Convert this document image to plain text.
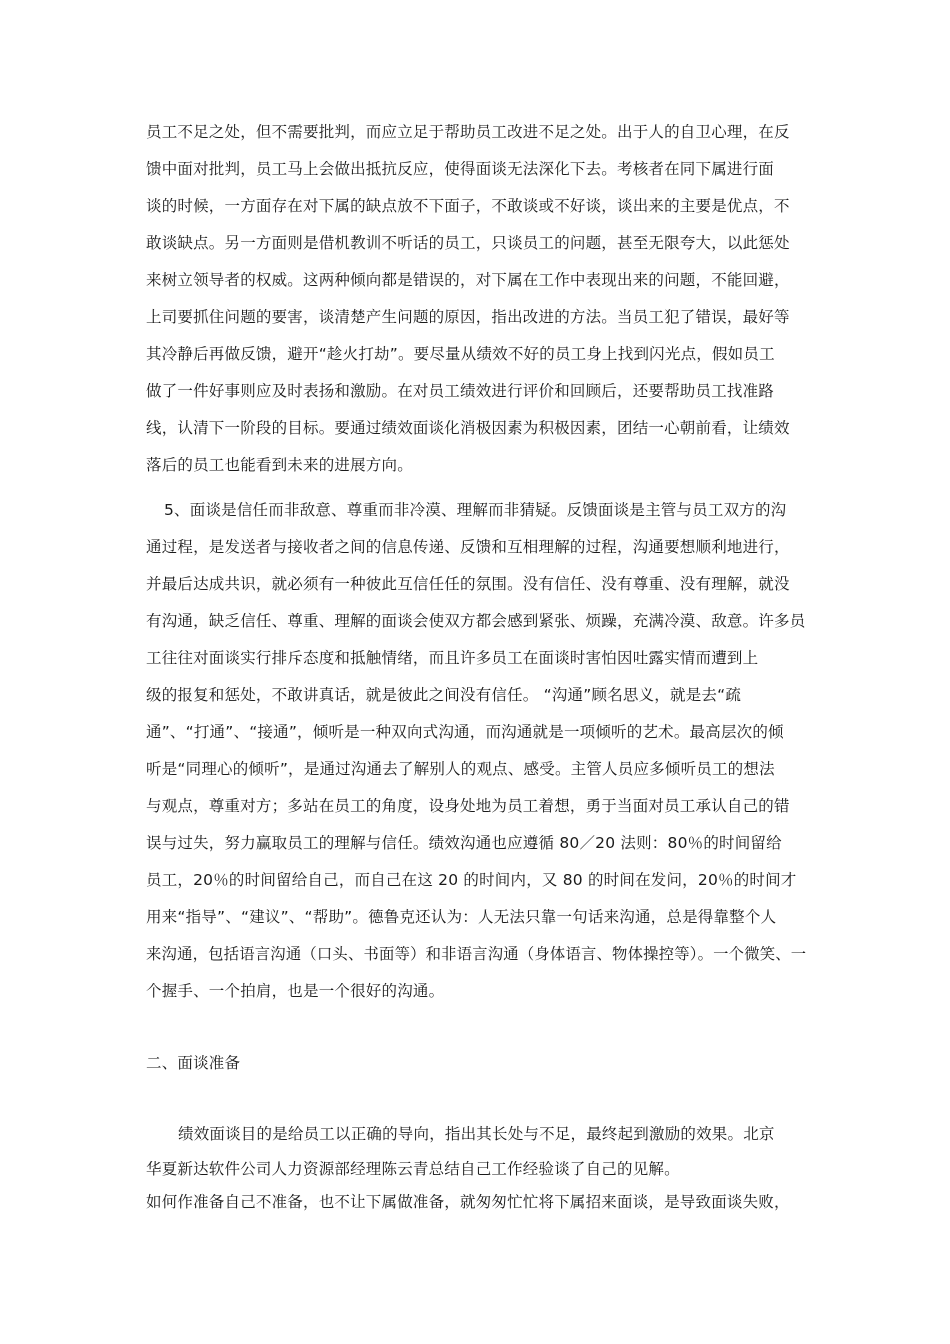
员工不足之处，但不需要批判，而应立足于帮助员工改进不足之处。出于人的自卫心理，在反
馈中面对批判，员工马上会做出抵抗反应，使得面谈无法深化下去。考核者在同下属进行面
谈的时候，一方面存在对下属的缺点放不下面子，不敢谈或不好谈，谈出来的主要是优点，不
敢谈缺点。另一方面则是借机教训不听话的员工，只谈员工的问题，甚至无限夸大，以此惩处
来树立领导者的权威。这两种倾向都是错误的，对下属在工作中表现出来的问题，不能回避，
上司要抓住问题的要害，谈清楚产生问题的原因，指出改进的方法。当员工犯了错误，最好等
其冷静后再做反馈，避开“趁火打劫”。要尽量从绩效不好的员工身上找到闪光点，假如员工
做了一件好事则应及时表扬和激励。在对员工绩效进行评价和回顾后，还要帮助员工找准路
线，认清下一阶段的目标。要通过绩效面谈化消极因素为积极因素，团结一心朝前看，让绩效
落后的员工也能看到未来的进展方向。
5、面谈是信任而非敌意、尊重而非冷漠、理解而非猜疑。反馈面谈是主管与员工双方的沟
通过程，是发送者与接收者之间的信息传递、反馈和互相理解的过程，沟通要想顺利地进行，
并最后达成共识，就必须有一种彼此互信任任的氛围。没有信任、没有尊重、没有理解，就没
有沟通，缺乏信任、尊重、理解的面谈会使双方都会感到紧张、烦躁，充满冷漠、敌意。许多员
工往往对面谈实行排斥态度和抵触情绪，而且许多员工在面谈时害怕因吐露实情而遭到上
级的报复和惩处，不敢讲真话，就是彼此之间没有信任。 “沟通”顾名思义，就是去“疏
通”、“打通”、“接通”，倾听是一种双向式沟通，而沟通就是一项倾听的艺术。最高层次的倾
听是“同理心的倾听”，是通过沟通去了解别人的观点、感受。主管人员应多倾听员工的想法
与观点，尊重对方；多站在员工的角度，设身处地为员工着想，勇于当面对员工承认自己的错
误与过失，努力赢取员工的理解与信任。绩效沟通也应遵循 80／20 法则：80％的时间留给
员工，20％的时间留给自己，而自己在这 20 的时间内，又 80 的时间在发问，20％的时间才
用来“指导”、“建议”、“帮助”。德鲁克还认为：人无法只靠一句话来沟通，总是得靠整个人
来沟通，包括语言沟通（口头、书面等）和非语言沟通（身体语言、物体操控等）。一个微笑、一
个握手、一个拍肩，也是一个很好的沟通。
二、面谈准备
绩效面谈目的是给员工以正确的导向，指出其长处与不足，最终起到激励的效果。北京
华夏新达软件公司人力资源部经理陈云青总结自己工作经验谈了自己的见解。
如何作准备自己不准备，也不让下属做准备，就匆匆忙忙将下属招来面谈，是导致面谈失败，
